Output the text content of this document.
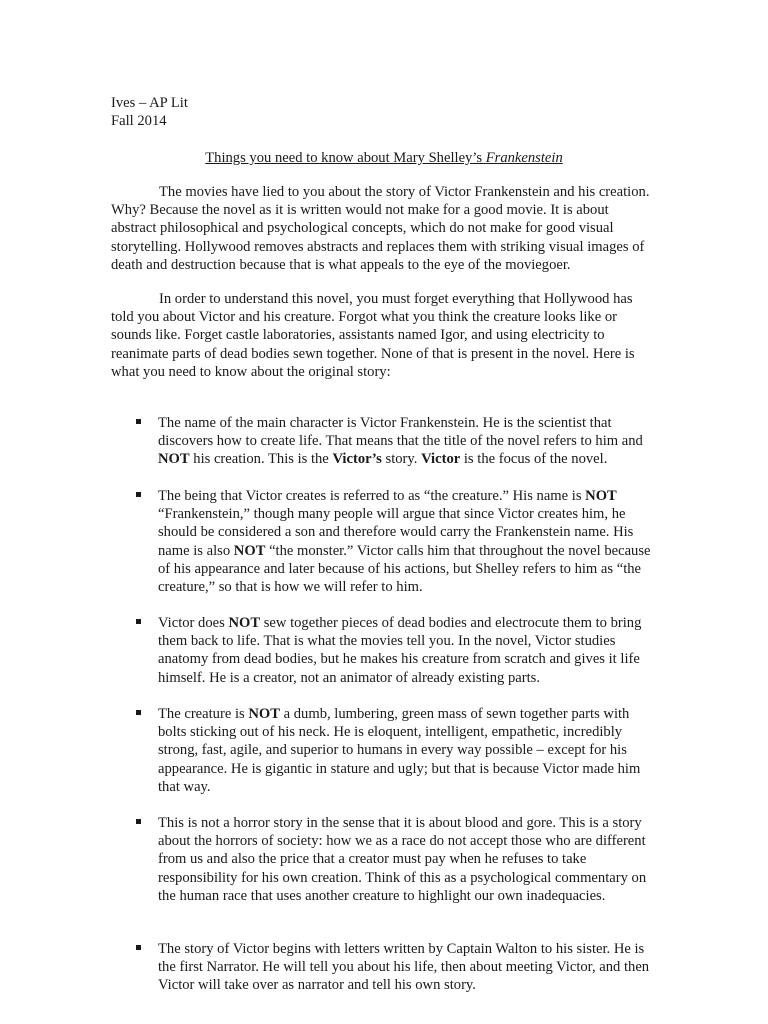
Ives – AP Lit
Fall 2014
Things you need to know about Mary Shelley’s Frankenstein

The movies have lied to you about the story of Victor Frankenstein and his creation. Why? Because the novel as it is written would not make for a good movie. It is about abstract philosophical and psychological concepts, which do not make for good visual storytelling. Hollywood removes abstracts and replaces them with striking visual images of death and destruction because that is what appeals to the eye of the moviegoer.

In order to understand this novel, you must forget everything that Hollywood has told you about Victor and his creature. Forgot what you think the creature looks like or sounds like. Forget castle laboratories, assistants named Igor, and using electricity to reanimate parts of dead bodies sewn together. None of that is present in the novel. Here is what you need to know about the original story:

The name of the main character is Victor Frankenstein. He is the scientist that discovers how to create life. That means that the title of the novel refers to him and NOT his creation. This is the Victor’s story. Victor is the focus of the novel.
The being that Victor creates is referred to as “the creature.” His name is NOT “Frankenstein,” though many people will argue that since Victor creates him, he should be considered a son and therefore would carry the Frankenstein name. His name is also NOT “the monster.” Victor calls him that throughout the novel because of his appearance and later because of his actions, but Shelley refers to him as “the creature,” so that is how we will refer to him.
Victor does NOT sew together pieces of dead bodies and electrocute them to bring them back to life. That is what the movies tell you. In the novel, Victor studies anatomy from dead bodies, but he makes his creature from scratch and gives it life himself. He is a creator, not an animator of already existing parts.
The creature is NOT a dumb, lumbering, green mass of sewn together parts with bolts sticking out of his neck. He is eloquent, intelligent, empathetic, incredibly strong, fast, agile, and superior to humans in every way possible – except for his appearance. He is gigantic in stature and ugly; but that is because Victor made him that way.
This is not a horror story in the sense that it is about blood and gore. This is a story about the horrors of society: how we as a race do not accept those who are different from us and also the price that a creator must pay when he refuses to take responsibility for his own creation. Think of this as a psychological commentary on the human race that uses another creature to highlight our own inadequacies.
The story of Victor begins with letters written by Captain Walton to his sister. He is the first Narrator. He will tell you about his life, then about meeting Victor, and then Victor will take over as narrator and tell his own story.
